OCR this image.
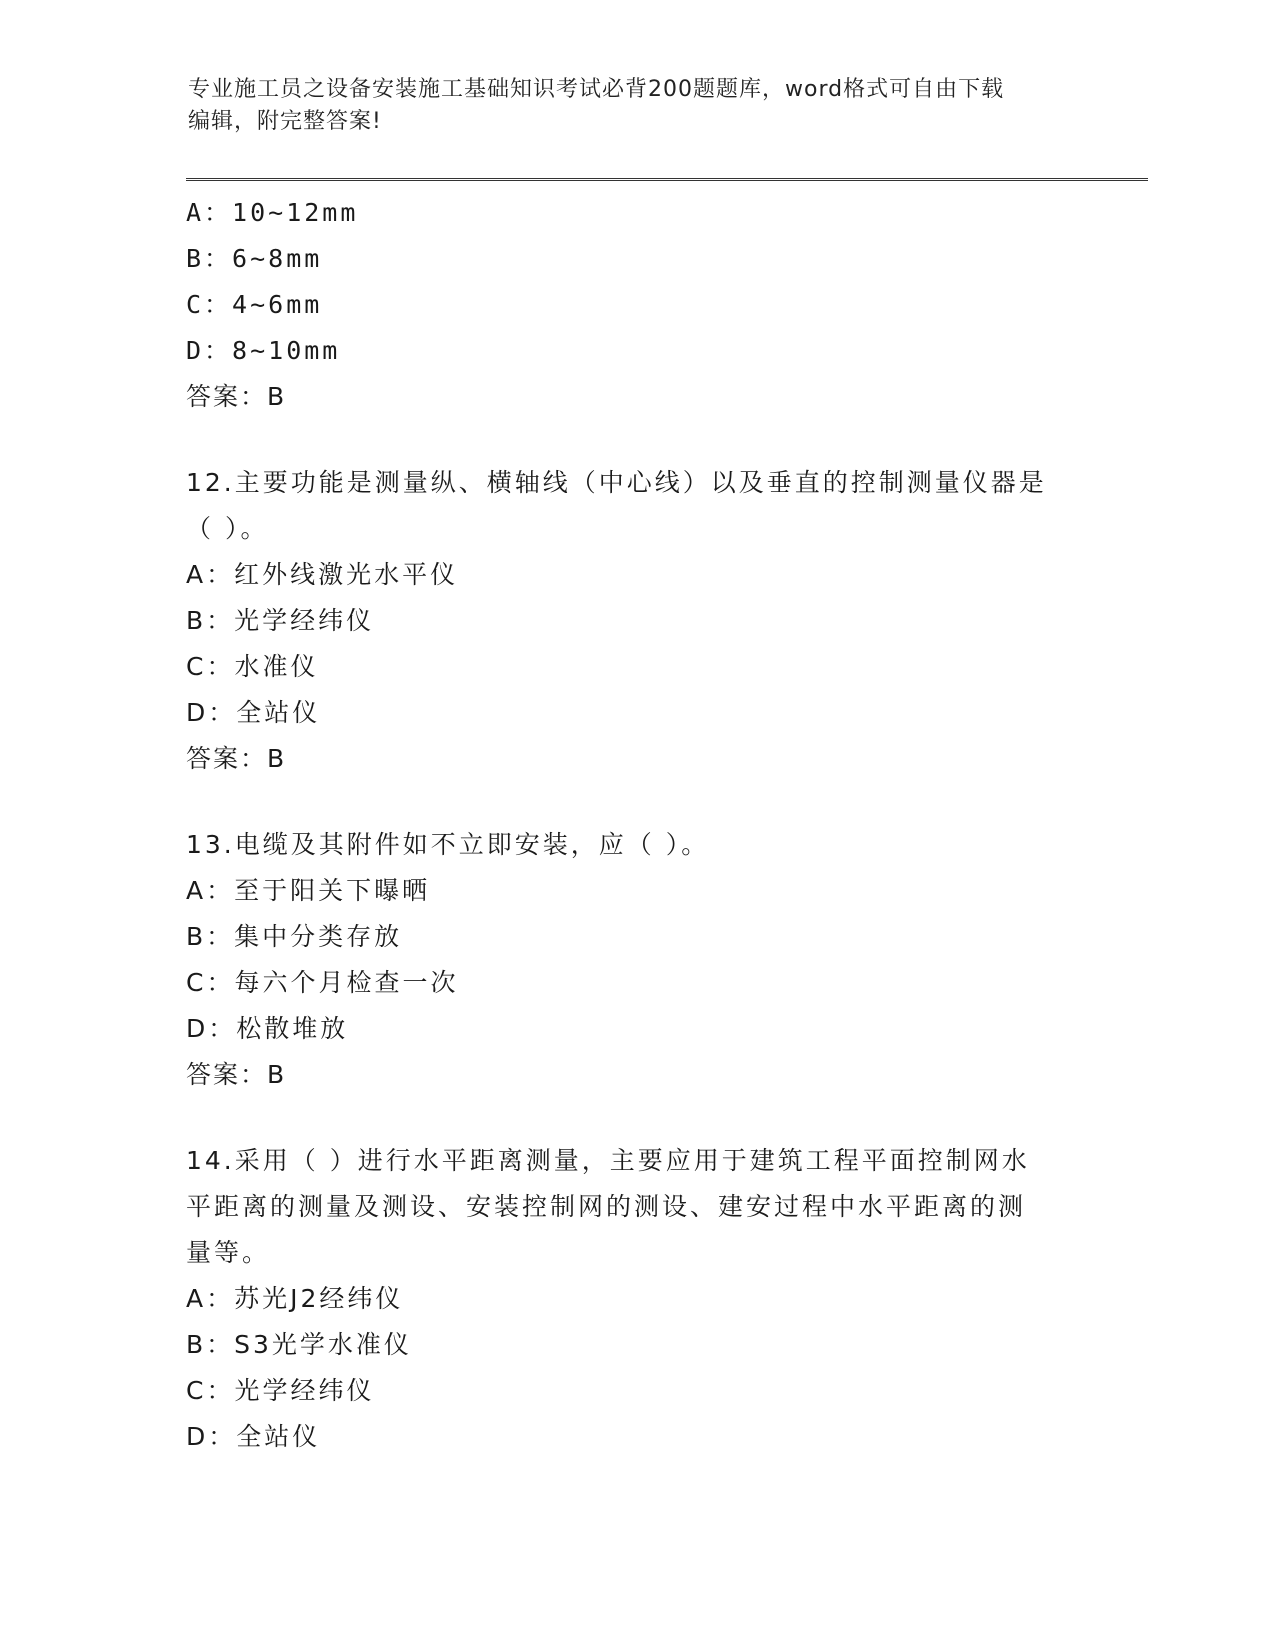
专业施工员之设备安装施工基础知识考试必背200题题库，word格式可自由下载
编辑，附完整答案!
A：10~12mm
B：6~8mm
C：4~6mm
D：8~10mm
答案：B
12.主要功能是测量纵、横轴线（中心线）以及垂直的控制测量仪器是
（ ）。
A：红外线激光水平仪
B：光学经纬仪
C：水准仪
D：全站仪
答案：B
13.电缆及其附件如不立即安装，应（ ）。
A：至于阳关下曝晒
B：集中分类存放
C：每六个月检查一次
D：松散堆放
答案：B
14.采用（ ）进行水平距离测量，主要应用于建筑工程平面控制网水
平距离的测量及测设、安装控制网的测设、建安过程中水平距离的测
量等。
A：苏光J2经纬仪
B：S3光学水准仪
C：光学经纬仪
D：全站仪
